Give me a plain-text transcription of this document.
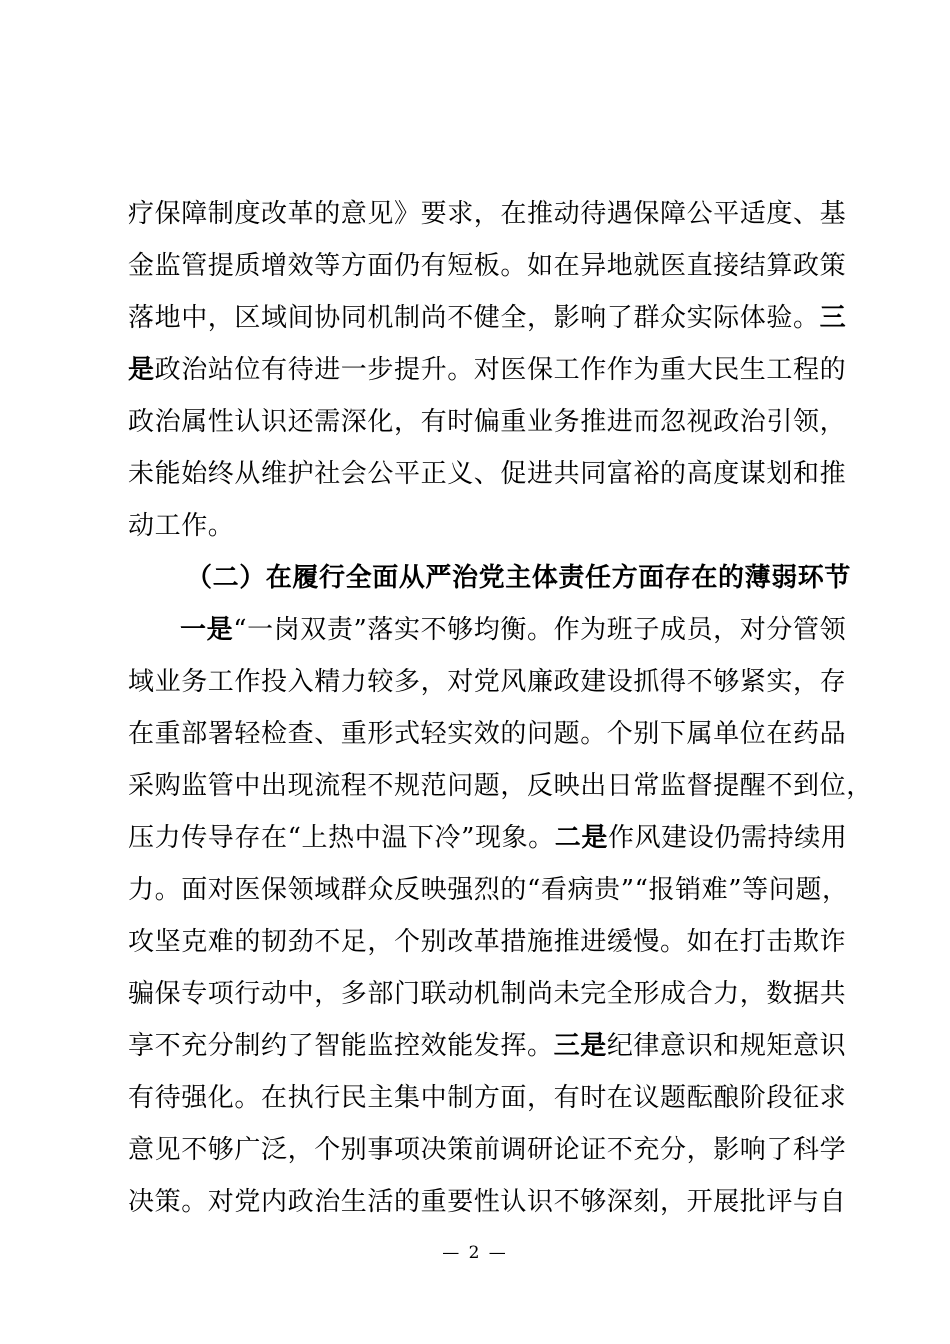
疗保障制度改革的意见》要求，在推动待遇保障公平适度、基
金监管提质增效等方面仍有短板。如在异地就医直接结算政策
落地中，区域间协同机制尚不健全，影响了群众实际体验。三
是政治站位有待进一步提升。对医保工作作为重大民生工程的
政治属性认识还需深化，有时偏重业务推进而忽视政治引领，
未能始终从维护社会公平正义、促进共同富裕的高度谋划和推
动工作。
（二）在履行全面从严治党主体责任方面存在的薄弱环节
一是“一岗双责”落实不够均衡。作为班子成员，对分管领
域业务工作投入精力较多，对党风廉政建设抓得不够紧实，存
在重部署轻检查、重形式轻实效的问题。个别下属单位在药品
采购监管中出现流程不规范问题，反映出日常监督提醒不到位，
压力传导存在“上热中温下冷”现象。二是作风建设仍需持续用
力。面对医保领域群众反映强烈的“看病贵”“报销难”等问题，
攻坚克难的韧劲不足，个别改革措施推进缓慢。如在打击欺诈
骗保专项行动中，多部门联动机制尚未完全形成合力，数据共
享不充分制约了智能监控效能发挥。三是纪律意识和规矩意识
有待强化。在执行民主集中制方面，有时在议题酝酿阶段征求
意见不够广泛，个别事项决策前调研论证不充分，影响了科学
决策。对党内政治生活的重要性认识不够深刻，开展批评与自
— 2 —
